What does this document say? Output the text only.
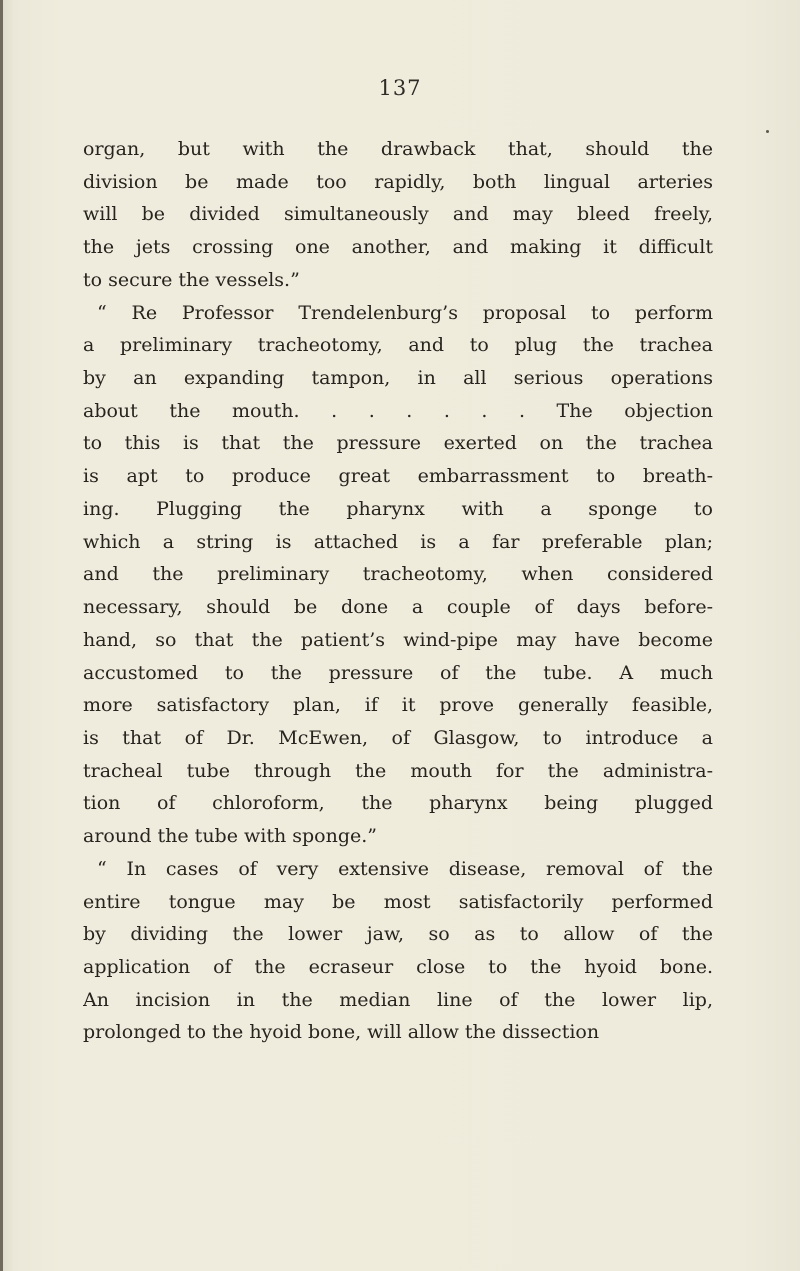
137
organ, but with the drawback that, should the
division be made too rapidly, both lingual arteries
will be divided simultaneously and may bleed freely,
the jets crossing one another, and making it difficult
to secure the vessels.”
“ Re Professor Trendelenburg’s proposal to perform
a preliminary tracheotomy, and to plug the trachea
by an expanding tampon, in all serious operations
about the mouth. . . . . . . The objection
to this is that the pressure exerted on the trachea
is apt to produce great embarrassment to breath-
ing. Plugging the pharynx with a sponge to
which a string is attached is a far preferable plan;
and the preliminary tracheotomy, when considered
necessary, should be done a couple of days before-
hand, so that the patient’s wind-pipe may have become
accustomed to the pressure of the tube. A much
more satisfactory plan, if it prove generally feasible,
is that of Dr. McEwen, of Glasgow, to introduce a
tracheal tube through the mouth for the administra-
tion of chloroform, the pharynx being plugged
around the tube with sponge.”
“ In cases of very extensive disease, removal of the
entire tongue may be most satisfactorily performed
by dividing the lower jaw, so as to allow of the
application of the ecraseur close to the hyoid bone.
An incision in the median line of the lower lip,
prolonged to the hyoid bone, will allow the dissection
